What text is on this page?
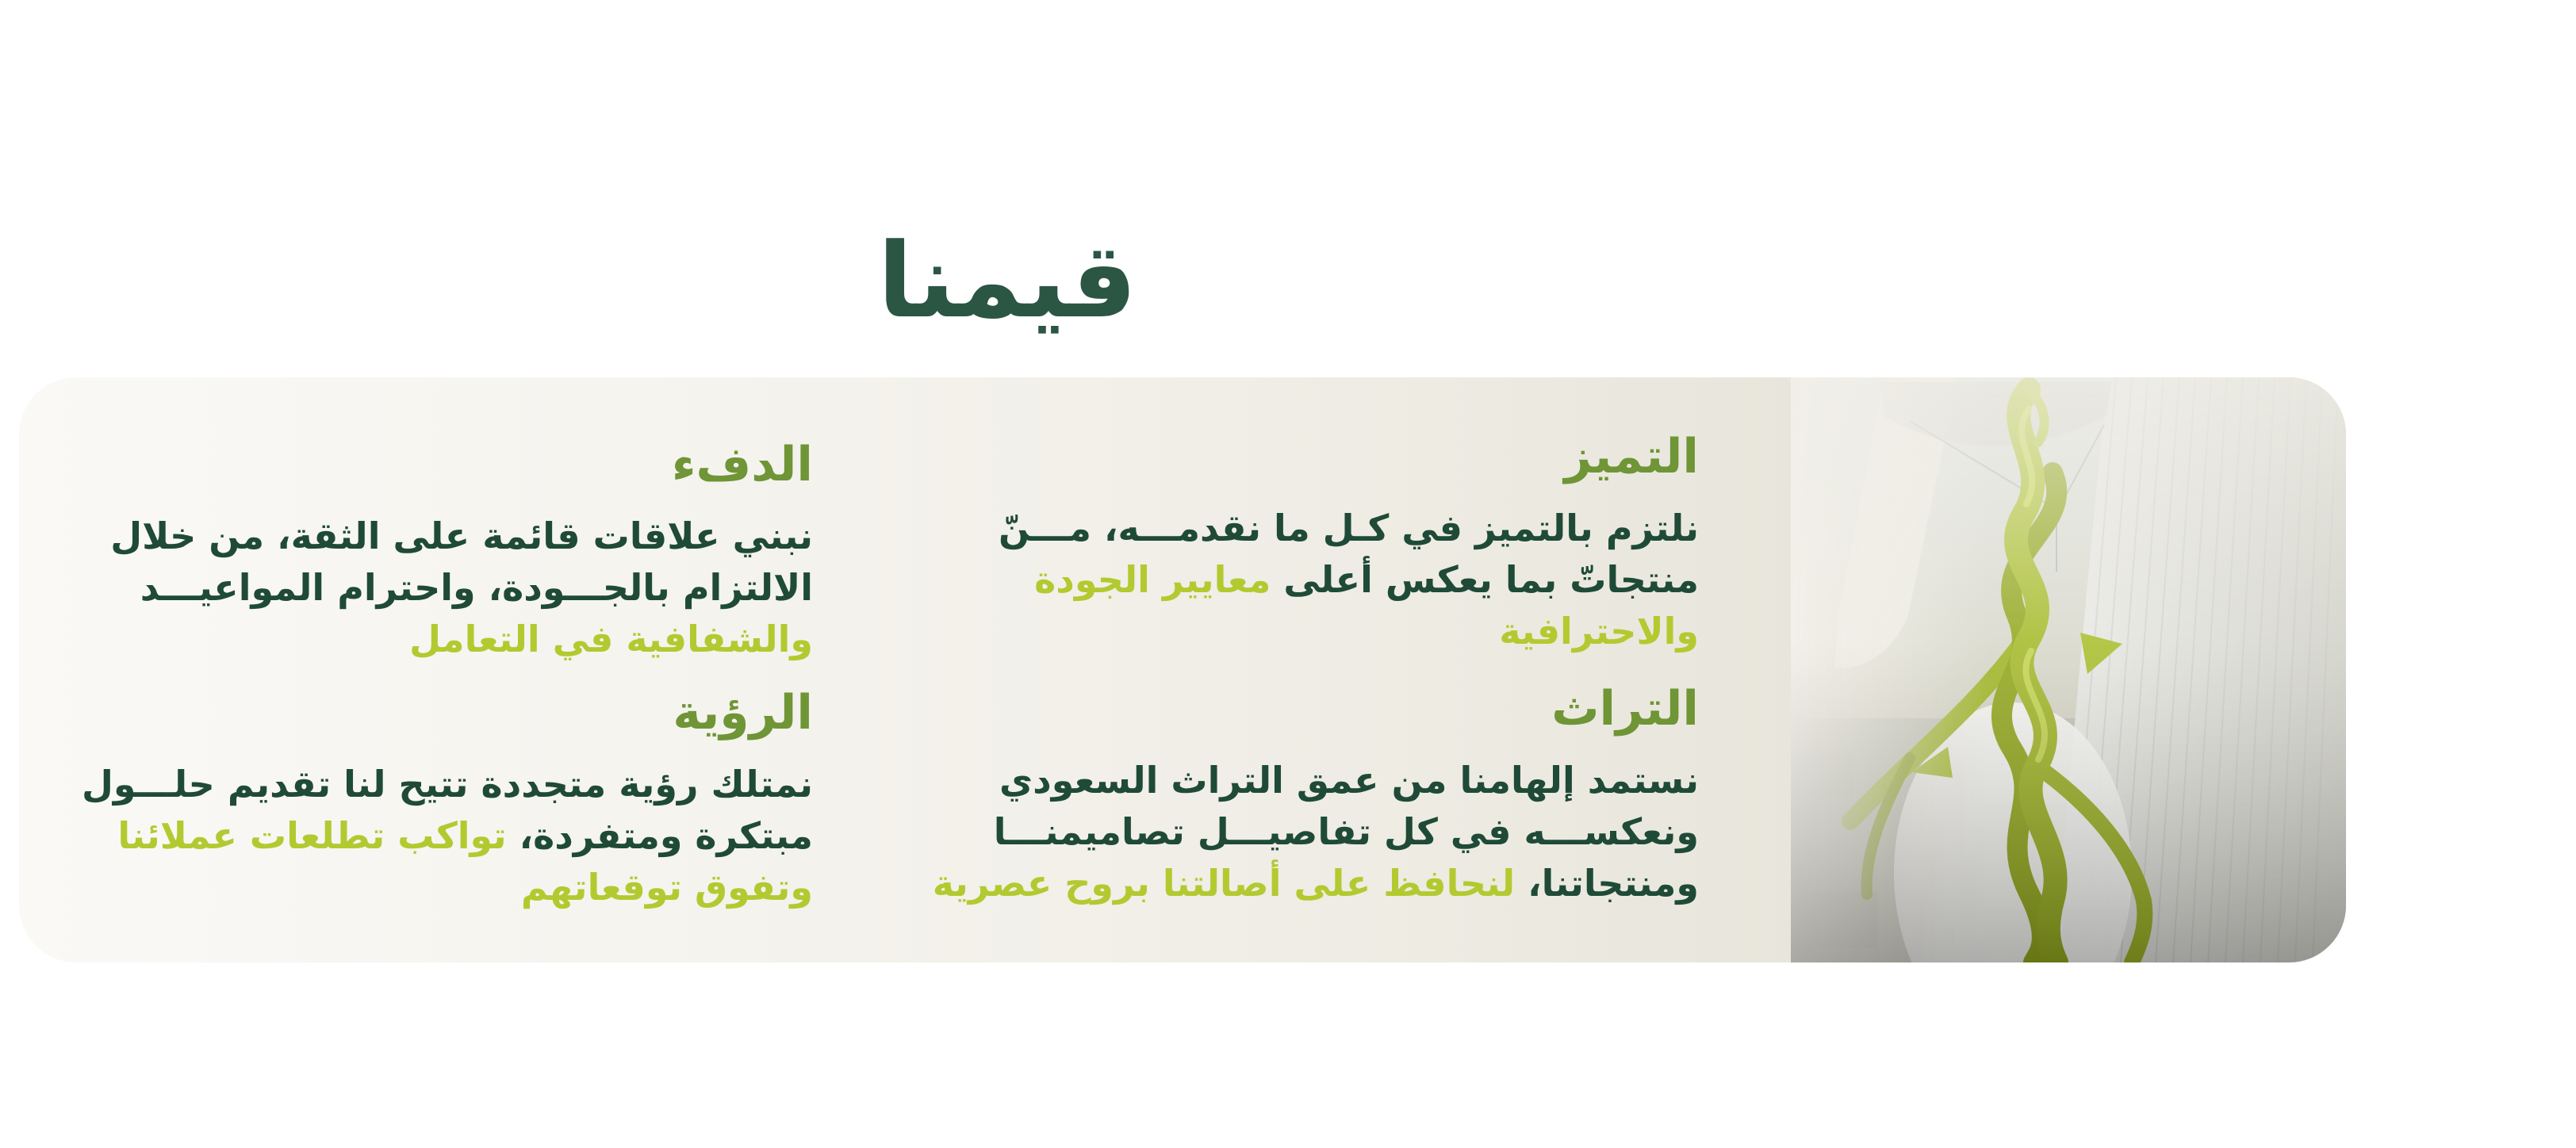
قيمنا
التميز

نلتزم بالتميز في كـل ما نقدمـــه، مـــنّ
منتجاتّ بما يعكس أعلى معايير الجودة
والاحترافية

الدفء

نبني علاقات قائمة على الثقة، من خلال
الالتزام بالجـــودة، واحترام المواعيـــد
والشفافية في التعامل

التراث

نستمد إلهامنا من عمق التراث السعودي
ونعكســـه في كل تفاصيـــل تصاميمنـــا
ومنتجاتنا، لنحافظ على أصالتنا بروح عصرية

الرؤية

نمتلك رؤية متجددة تتيح لنا تقديم حلـــول
مبتكرة ومتفردة، تواكب تطلعات عملائنا
وتفوق توقعاتهم
